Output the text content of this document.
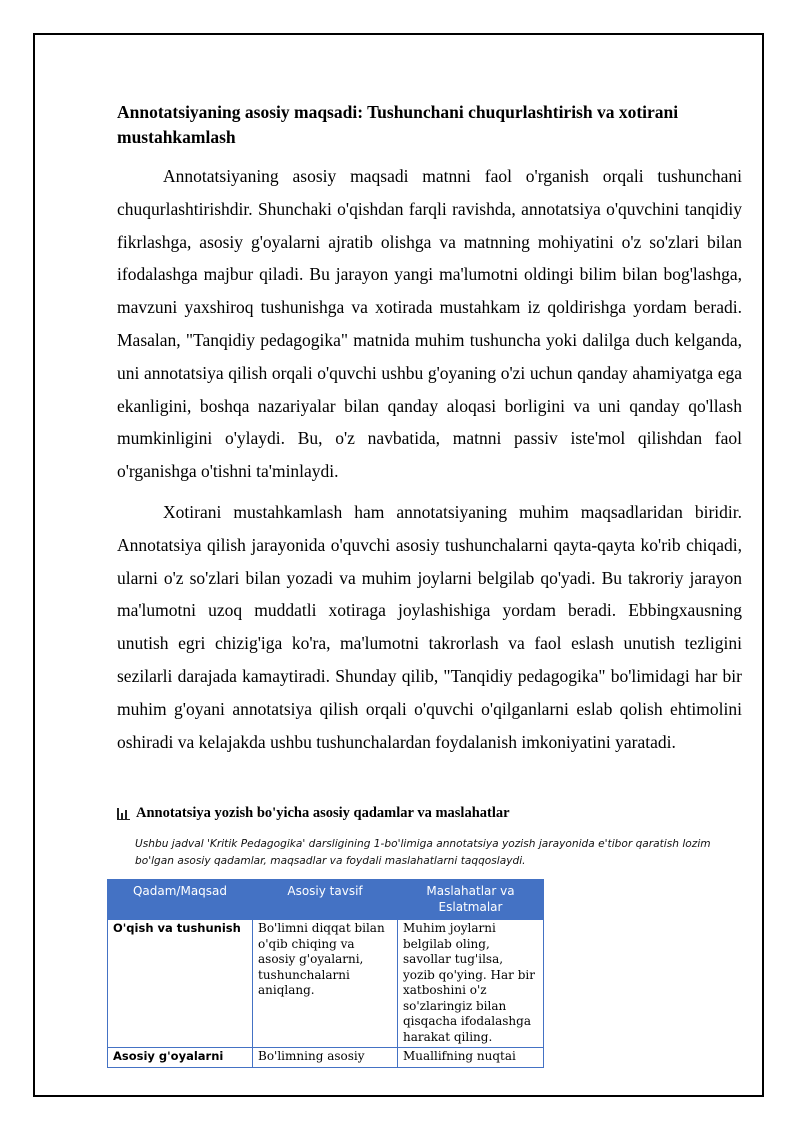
Annotatsiyaning asosiy maqsadi: Tushunchani chuqurlashtirish va xotirani mustahkamlash

Annotatsiyaning asosiy maqsadi matnni faol o'rganish orqali tushunchani chuqurlashtirishdir. Shunchaki o'qishdan farqli ravishda, annotatsiya o'quvchini tanqidiy fikrlashga, asosiy g'oyalarni ajratib olishga va matnning mohiyatini o'z so'zlari bilan ifodalashga majbur qiladi. Bu jarayon yangi ma'lumotni oldingi bilim bilan bog'lashga, mavzuni yaxshiroq tushunishga va xotirada mustahkam iz qoldirishga yordam beradi. Masalan, "Tanqidiy pedagogika" matnida muhim tushuncha yoki dalilga duch kelganda, uni annotatsiya qilish orqali o'quvchi ushbu g'oyaning o'zi uchun qanday ahamiyatga ega ekanligini, boshqa nazariyalar bilan qanday aloqasi borligini va uni qanday qo'llash mumkinligini o'ylaydi. Bu, o'z navbatida, matnni passiv iste'mol qilishdan faol o'rganishga o'tishni ta'minlaydi.

Xotirani mustahkamlash ham annotatsiyaning muhim maqsadlaridan biridir. Annotatsiya qilish jarayonida o'quvchi asosiy tushunchalarni qayta-qayta ko'rib chiqadi, ularni o'z so'zlari bilan yozadi va muhim joylarni belgilab qo'yadi. Bu takroriy jarayon ma'lumotni uzoq muddatli xotiraga joylashishiga yordam beradi. Ebbingxausning unutish egri chizig'iga ko'ra, ma'lumotni takrorlash va faol eslash unutish tezligini sezilarli darajada kamaytiradi. Shunday qilib, "Tanqidiy pedagogika" bo'limidagi har bir muhim g'oyani annotatsiya qilish orqali o'quvchi o'qilganlarni eslab qolish ehtimolini oshiradi va kelajakda ushbu tushunchalardan foydalanish imkoniyatini yaratadi.

Annotatsiya yozish bo'yicha asosiy qadamlar va maslahatlar
Ushbu jadval 'Kritik Pedagogika' darsligining 1-bo'limiga annotatsiya yozish jarayonida e'tibor qaratish lozim bo'lgan asosiy qadamlar, maqsadlar va foydali maslahatlarni taqqoslaydi.
Qadam/Maqsad	Asosiy tavsif	Maslahatlar va Eslatmalar
O'qish va tushunish	Bo'limni diqqat bilan o'qib chiqing va asosiy g'oyalarni, tushunchalarni aniqlang.	Muhim joylarni belgilab oling, savollar tug'ilsa, yozib qo'ying. Har bir xatboshini o'z so'zlaringiz bilan qisqacha ifodalashga harakat qiling.
Asosiy g'oyalarni	Bo'limning asosiy	Muallifning nuqtai
